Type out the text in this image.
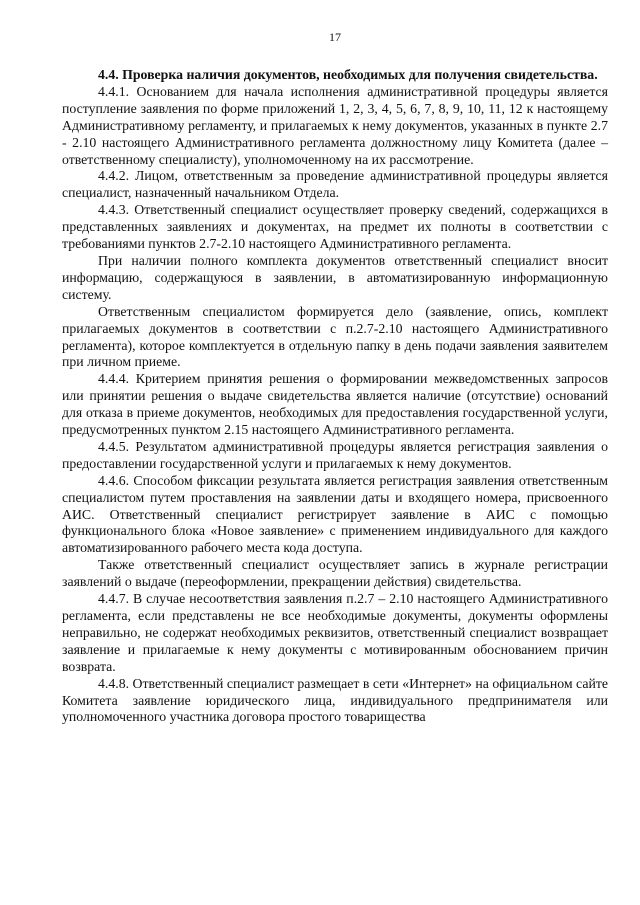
17

4.4. Проверка наличия документов, необходимых для получения свидетельства.

4.4.1. Основанием для начала исполнения административной процедуры является поступление заявления по форме приложений 1, 2, 3, 4, 5, 6, 7, 8, 9, 10, 11, 12 к настоящему Административному регламенту, и прилагаемых к нему документов, указанных в пункте 2.7 - 2.10 настоящего Административного регламента должностному лицу Комитета (далее – ответственному специалисту), уполномоченному на их рассмотрение.

4.4.2. Лицом, ответственным за проведение административной процедуры является специалист, назначенный начальником Отдела.

4.4.3. Ответственный специалист осуществляет проверку сведений, содержащихся в представленных заявлениях и документах, на предмет их полноты в соответствии с требованиями пунктов 2.7-2.10 настоящего Административного регламента.

При наличии полного комплекта документов ответственный специалист вносит информацию, содержащуюся в заявлении, в автоматизированную информационную систему.

Ответственным специалистом формируется дело (заявление, опись, комплект прилагаемых документов в соответствии с п.2.7-2.10 настоящего Административного регламента), которое комплектуется в отдельную папку в день подачи заявления заявителем при личном приеме.

4.4.4. Критерием принятия решения о формировании межведомственных запросов или принятии решения о выдаче свидетельства является наличие (отсутствие) оснований для отказа в приеме документов, необходимых для предоставления государственной услуги, предусмотренных пунктом 2.15 настоящего Административного регламента.

4.4.5. Результатом административной процедуры является регистрация заявления о предоставлении государственной услуги и прилагаемых к нему документов.

4.4.6. Способом фиксации результата является регистрация заявления ответственным специалистом путем проставления на заявлении даты и входящего номера, присвоенного АИС. Ответственный специалист регистрирует заявление в АИС с помощью функционального блока «Новое заявление» с применением индивидуального для каждого автоматизированного рабочего места кода доступа.

Также ответственный специалист осуществляет запись в журнале регистрации заявлений о выдаче (переоформлении, прекращении действия) свидетельства.

4.4.7. В случае несоответствия заявления п.2.7 – 2.10 настоящего Административного регламента, если представлены не все необходимые документы, документы оформлены неправильно, не содержат необходимых реквизитов, ответственный специалист возвращает заявление и прилагаемые к нему документы с мотивированным обоснованием причин возврата.

4.4.8. Ответственный специалист размещает в сети «Интернет» на официальном сайте Комитета заявление юридического лица, индивидуального предпринимателя или уполномоченного участника договора простого товарищества
